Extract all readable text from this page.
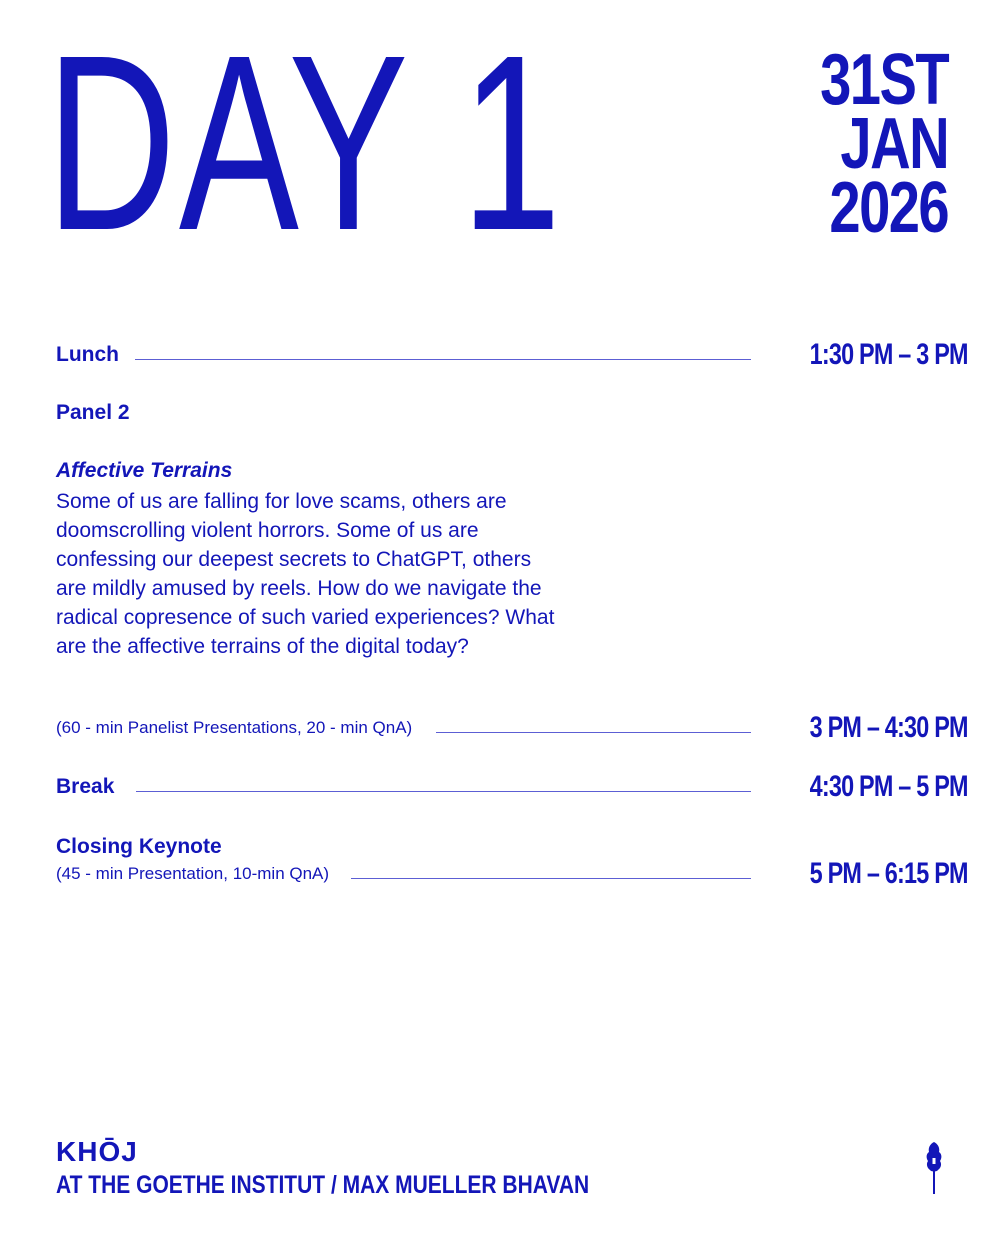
DAY 1	31ST
JAN
2026
Lunch	1:30 PM – 3 PM
Panel 2
Affective Terrains

Some of us are falling for love scams, others are doomscrolling violent horrors. Some of us are confessing our deepest secrets to ChatGPT, others are mildly amused by reels. How do we navigate the radical copresence of such varied experiences? What are the affective terrains of the digital today?

(60 - min Panelist Presentations, 20 - min QnA)	3 PM – 4:30 PM
Break	4:30 PM – 5 PM
Closing Keynote
(45 - min Presentation, 10-min QnA)	5 PM – 6:15 PM
KHŌJ
AT THE GOETHE INSTITUT / MAX MUELLER BHAVAN
